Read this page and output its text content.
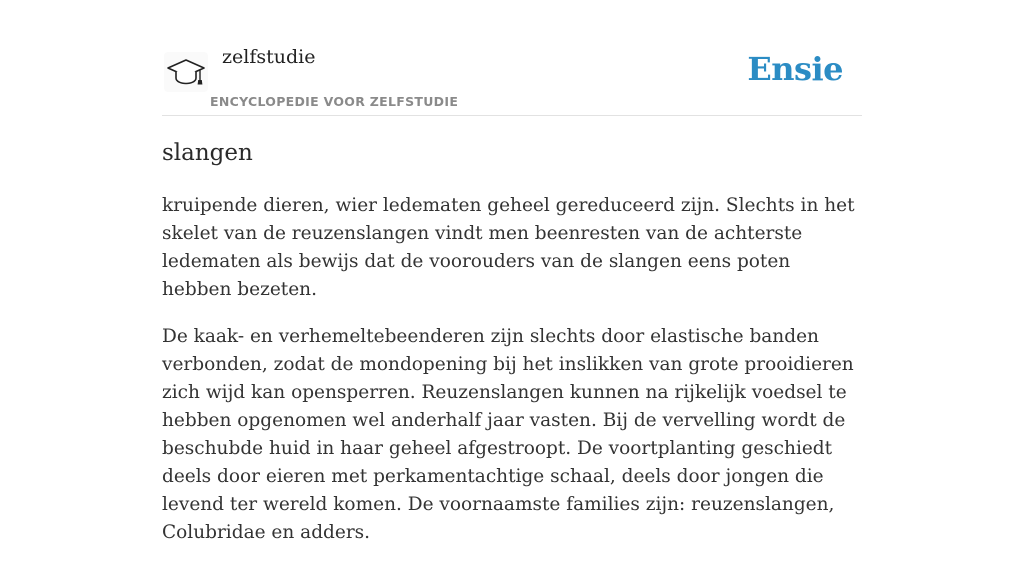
zelfstudie
ENCYCLOPEDIE VOOR ZELFSTUDIE
Ensie
slangen

kruipende dieren, wier ledematen geheel gereduceerd zijn. Slechts in het skelet van de reuzenslangen vindt men beenresten van de achterste ledematen als bewijs dat de voorouders van de slangen eens poten hebben bezeten.

De kaak- en verhemeltebeenderen zijn slechts door elastische banden verbonden, zodat de mondopening bij het inslikken van grote prooidieren zich wijd kan opensperren. Reuzenslangen kunnen na rijkelijk voedsel te hebben opgenomen wel anderhalf jaar vasten. Bij de vervelling wordt de beschubde huid in haar geheel afgestroopt. De voortplanting geschiedt deels door eieren met perkamentachtige schaal, deels door jongen die levend ter wereld komen. De voornaamste families zijn: reuzenslangen, Colubridae en adders.
